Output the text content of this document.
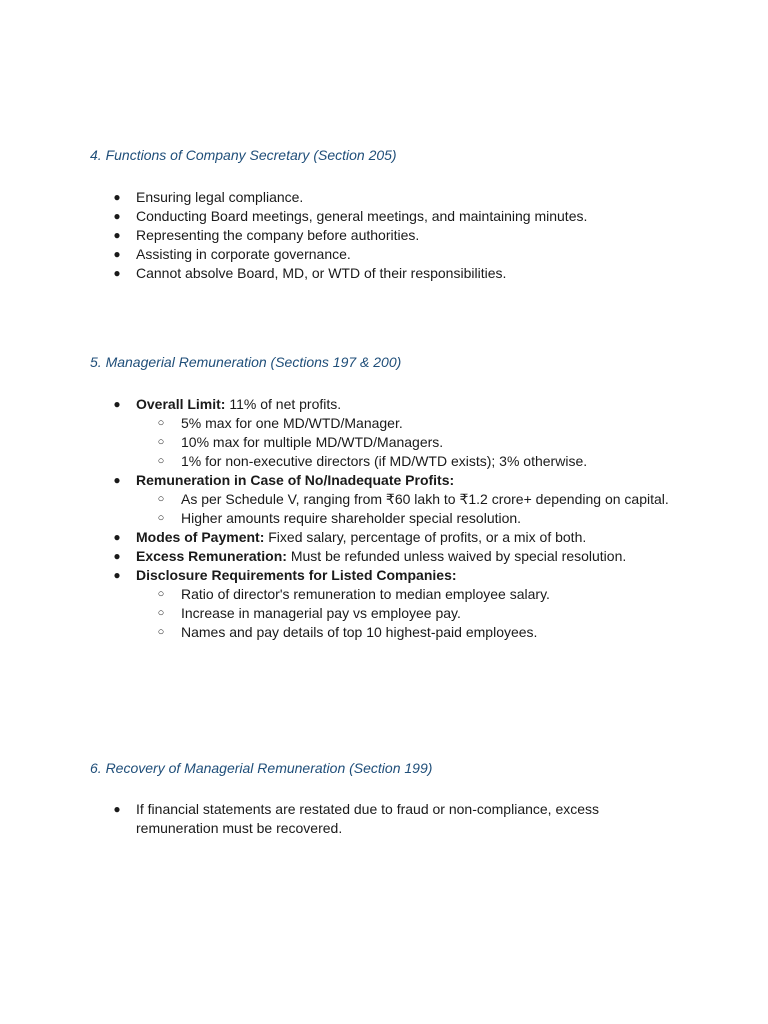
4. Functions of Company Secretary (Section 205)
● Ensuring legal compliance.
● Conducting Board meetings, general meetings, and maintaining minutes.
● Representing the company before authorities.
● Assisting in corporate governance.
● Cannot absolve Board, MD, or WTD of their responsibilities.
5. Managerial Remuneration (Sections 197 & 200)
● Overall Limit: 11% of net profits.
○ 5% max for one MD/WTD/Manager.
○ 10% max for multiple MD/WTD/Managers.
○ 1% for non-executive directors (if MD/WTD exists); 3% otherwise.
● Remuneration in Case of No/Inadequate Profits:
○ As per Schedule V, ranging from ₹60 lakh to ₹1.2 crore+ depending on capital.
○ Higher amounts require shareholder special resolution.
● Modes of Payment: Fixed salary, percentage of profits, or a mix of both.
● Excess Remuneration: Must be refunded unless waived by special resolution.
● Disclosure Requirements for Listed Companies:
○ Ratio of director's remuneration to median employee salary.
○ Increase in managerial pay vs employee pay.
○ Names and pay details of top 10 highest-paid employees.
6. Recovery of Managerial Remuneration (Section 199)
● If financial statements are restated due to fraud or non-compliance, excess remuneration must be recovered.
